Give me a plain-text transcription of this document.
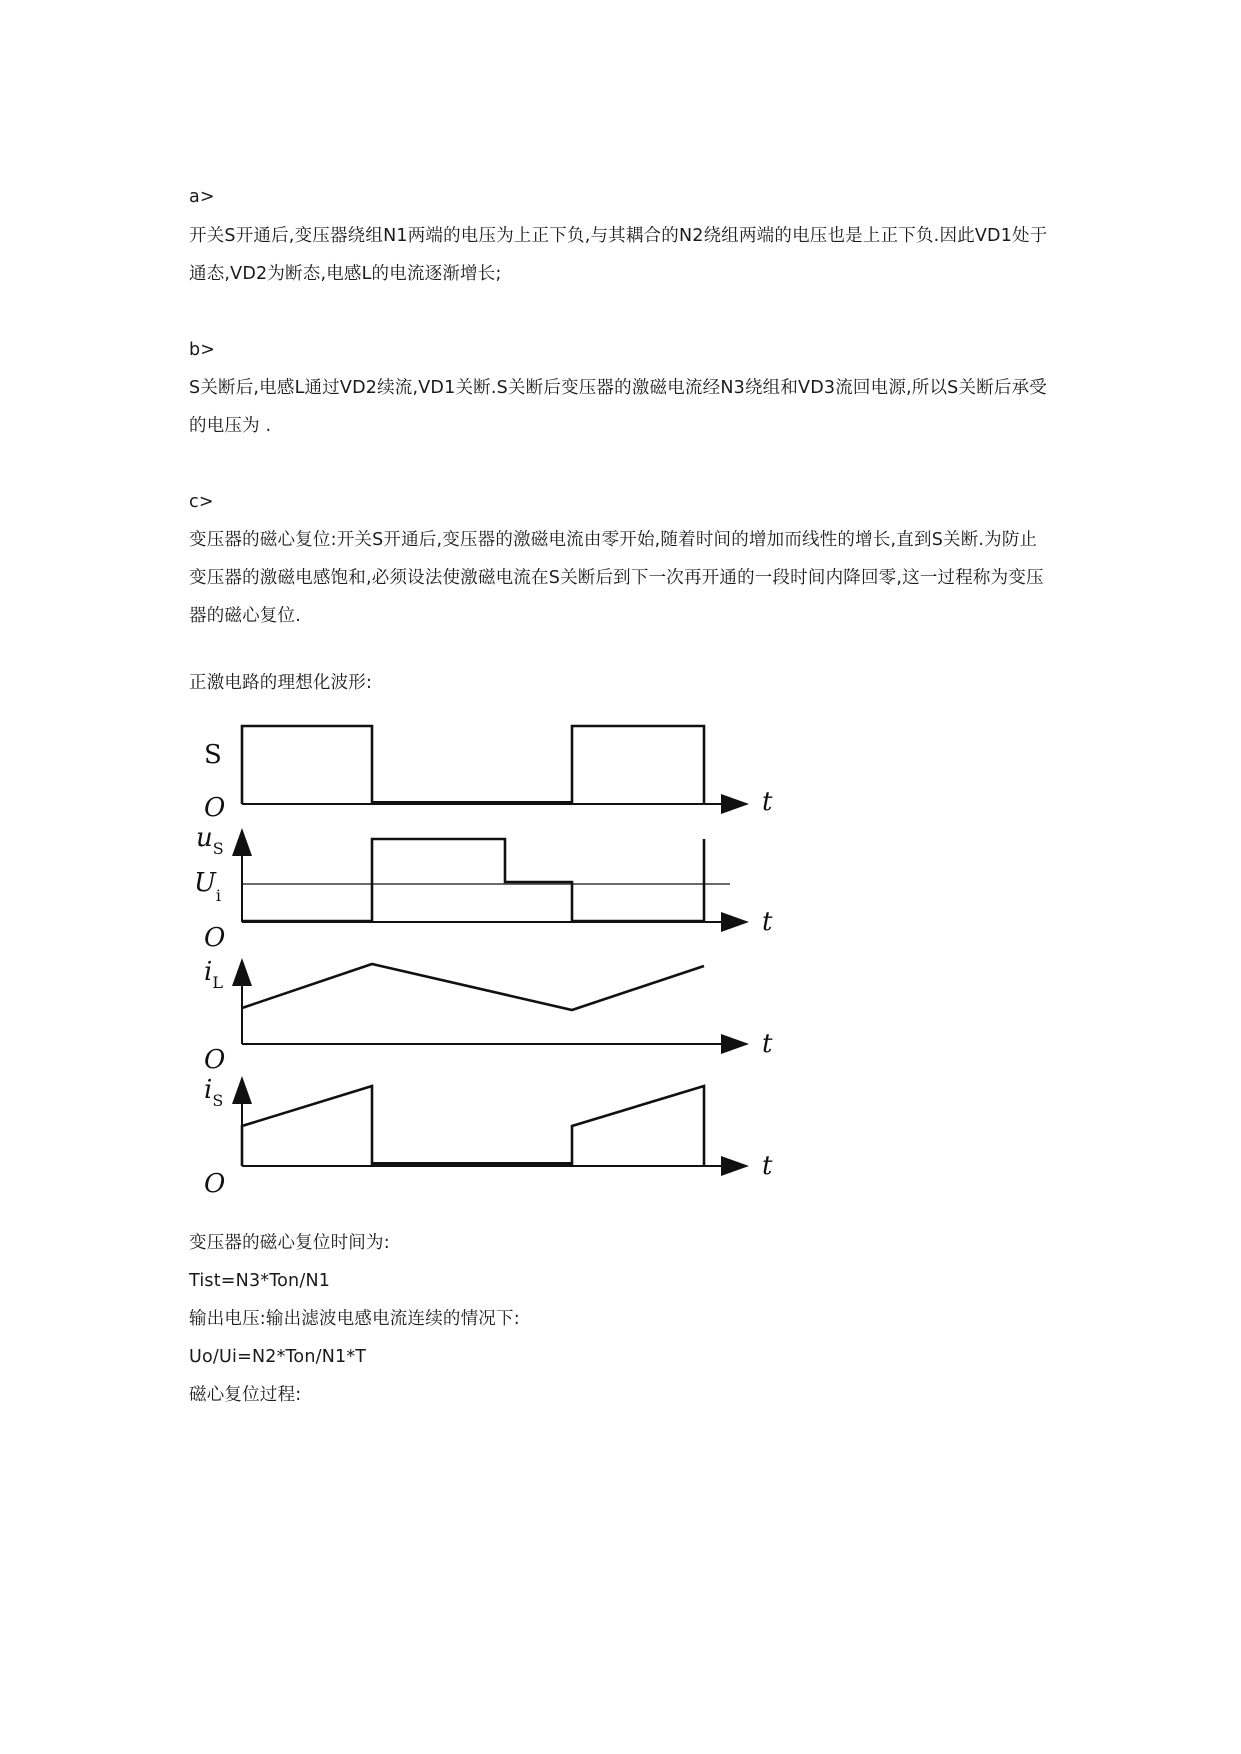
a>
开关S开通后,变压器绕组N1两端的电压为上正下负,与其耦合的N2绕组两端的电压也是上正下负.因此VD1处于
通态,VD2为断态,电感L的电流逐渐增长;
b>
S关断后,电感L通过VD2续流,VD1关断.S关断后变压器的激磁电流经N3绕组和VD3流回电源,所以S关断后承受
的电压为 .
c>
变压器的磁心复位:开关S开通后,变压器的激磁电流由零开始,随着时间的增加而线性的增长,直到S关断.为防止
变压器的激磁电感饱和,必须设法使激磁电流在S关断后到下一次再开通的一段时间内降回零,这一过程称为变压
器的磁心复位.
正激电路的理想化波形:
S
O	t
$u_S$
$U_i$
O
t
$i_L$
O
t
$i_S$
O
t
变压器的磁心复位时间为:
Tist=N3*Ton/N1
输出电压:输出滤波电感电流连续的情况下:
Uo/Ui=N2*Ton/N1*T
磁心复位过程:
